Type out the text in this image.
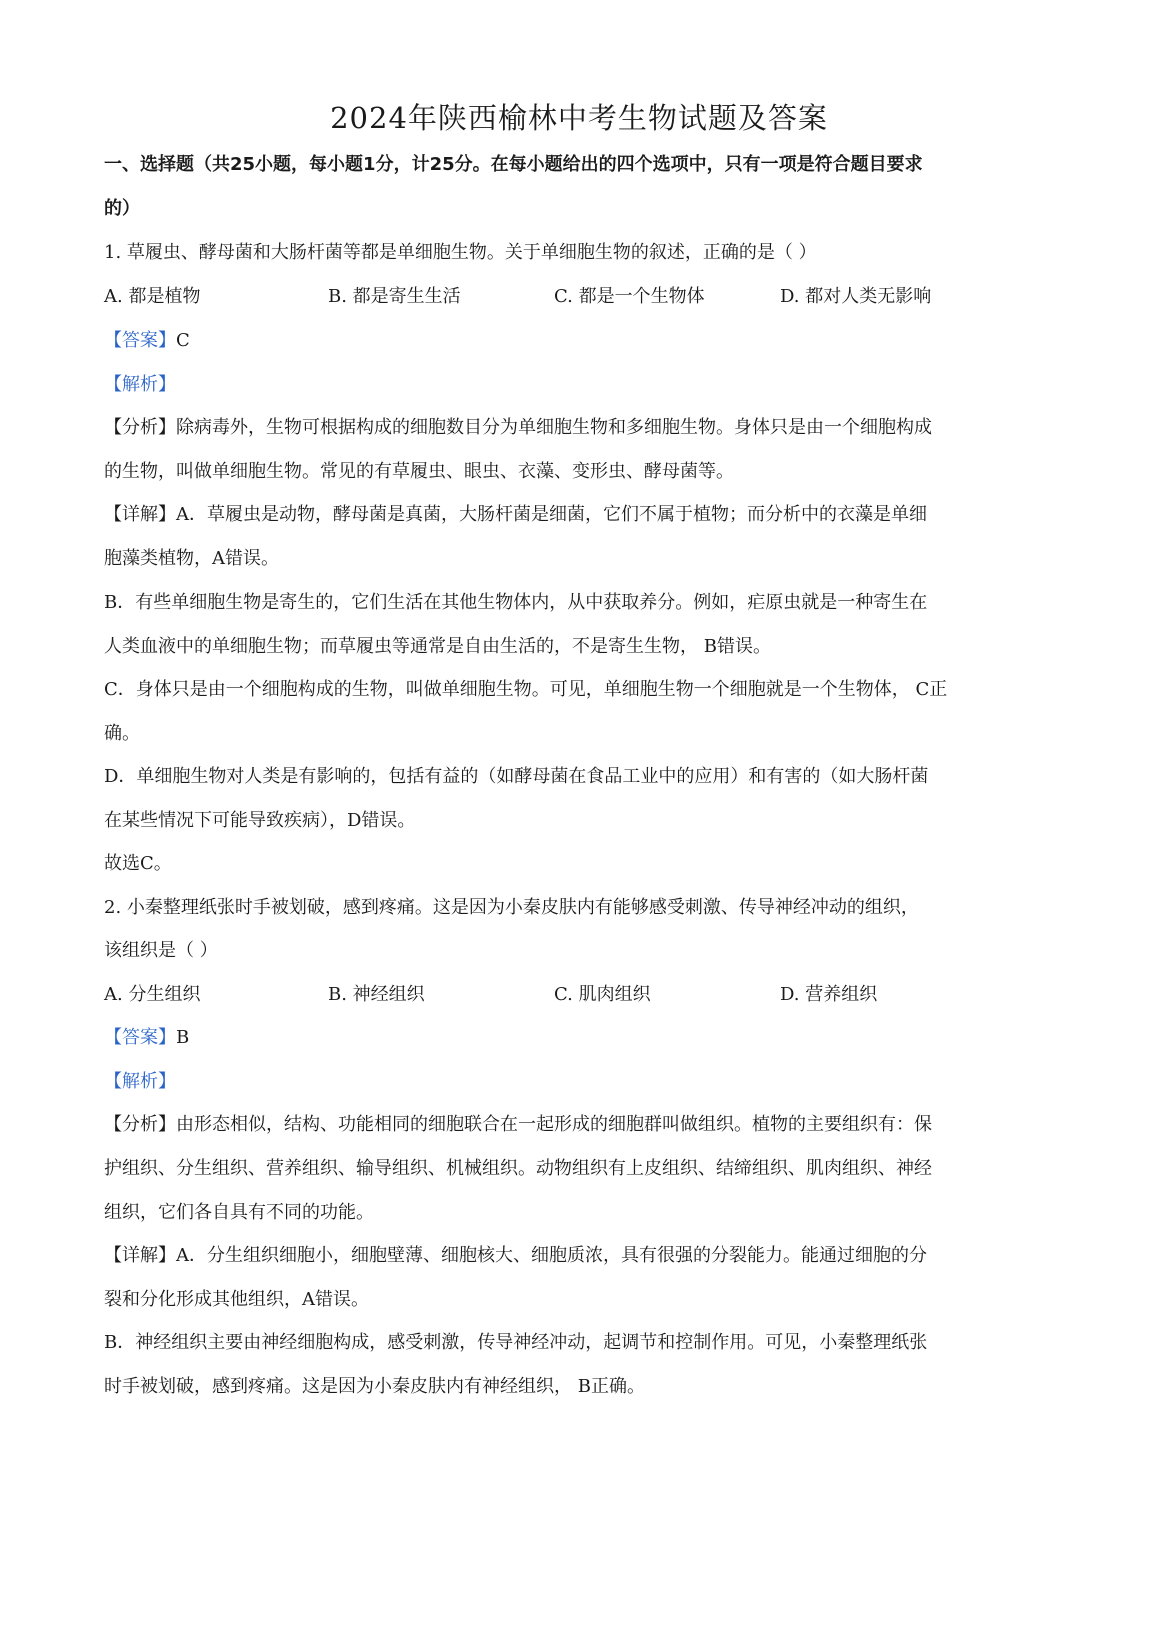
2024年陕西榆林中考生物试题及答案
一、选择题（共25小题，每小题1分，计25分。在每小题给出的四个选项中，只有一项是符合题目要求
的）
1. 草履虫、酵母菌和大肠杆菌等都是单细胞生物。关于单细胞生物的叙述，正确的是（ ）
A. 都是植物	B. 都是寄生生活	C. 都是一个生物体	D. 都对人类无影响
【答案】C
【解析】
【分析】除病毒外，生物可根据构成的细胞数目分为单细胞生物和多细胞生物。身体只是由一个细胞构成
的生物，叫做单细胞生物。常见的有草履虫、眼虫、衣藻、变形虫、酵母菌等。
【详解】A．草履虫是动物，酵母菌是真菌，大肠杆菌是细菌，它们不属于植物；而分析中的衣藻是单细
胞藻类植物，A错误。
B．有些单细胞生物是寄生的，它们生活在其他生物体内，从中获取养分。例如，疟原虫就是一种寄生在
人类血液中的单细胞生物；而草履虫等通常是自由生活的，不是寄生生物， B错误。
C．身体只是由一个细胞构成的生物，叫做单细胞生物。可见，单细胞生物一个细胞就是一个生物体， C正
确。
D．单细胞生物对人类是有影响的，包括有益的（如酵母菌在食品工业中的应用）和有害的（如大肠杆菌
在某些情况下可能导致疾病），D错误。
故选C。
2. 小秦整理纸张时手被划破，感到疼痛。这是因为小秦皮肤内有能够感受刺激、传导神经冲动的组织，
该组织是（ ）
A. 分生组织	B. 神经组织	C. 肌肉组织	D. 营养组织
【答案】B
【解析】
【分析】由形态相似，结构、功能相同的细胞联合在一起形成的细胞群叫做组织。植物的主要组织有：保
护组织、分生组织、营养组织、输导组织、机械组织。动物组织有上皮组织、结缔组织、肌肉组织、神经
组织，它们各自具有不同的功能。
【详解】A．分生组织细胞小，细胞壁薄、细胞核大、细胞质浓，具有很强的分裂能力。能通过细胞的分
裂和分化形成其他组织，A错误。
B．神经组织主要由神经细胞构成，感受刺激，传导神经冲动，起调节和控制作用。可见，小秦整理纸张
时手被划破，感到疼痛。这是因为小秦皮肤内有神经组织， B正确。
